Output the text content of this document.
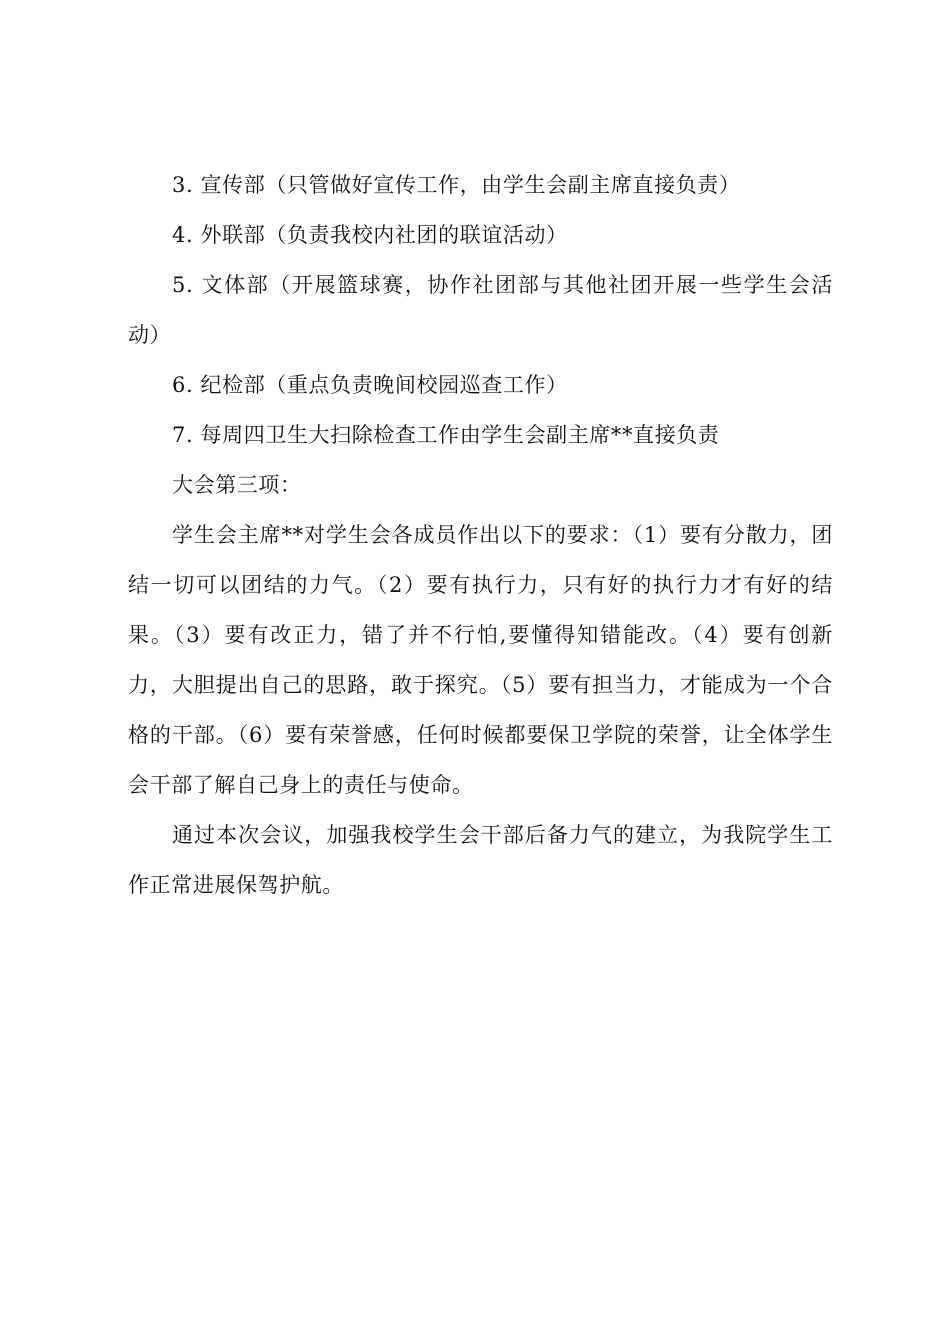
3. 宣传部（只管做好宣传工作，由学生会副主席直接负责）

4. 外联部（负责我校内社团的联谊活动）

5. 文体部（开展篮球赛，协作社团部与其他社团开展一些学生会活动）

6. 纪检部（重点负责晚间校园巡查工作）

7. 每周四卫生大扫除检查工作由学生会副主席**直接负责

大会第三项：

学生会主席**对学生会各成员作出以下的要求：（1）要有分散力，团结一切可以团结的力气。（2）要有执行力，只有好的执行力才有好的结果。（3）要有改正力，错了并不行怕,要懂得知错能改。（4）要有创新力，大胆提出自己的思路，敢于探究。（5）要有担当力，才能成为一个合格的干部。（6）要有荣誉感，任何时候都要保卫学院的荣誉，让全体学生会干部了解自己身上的责任与使命。

通过本次会议，加强我校学生会干部后备力气的建立，为我院学生工作正常进展保驾护航。
